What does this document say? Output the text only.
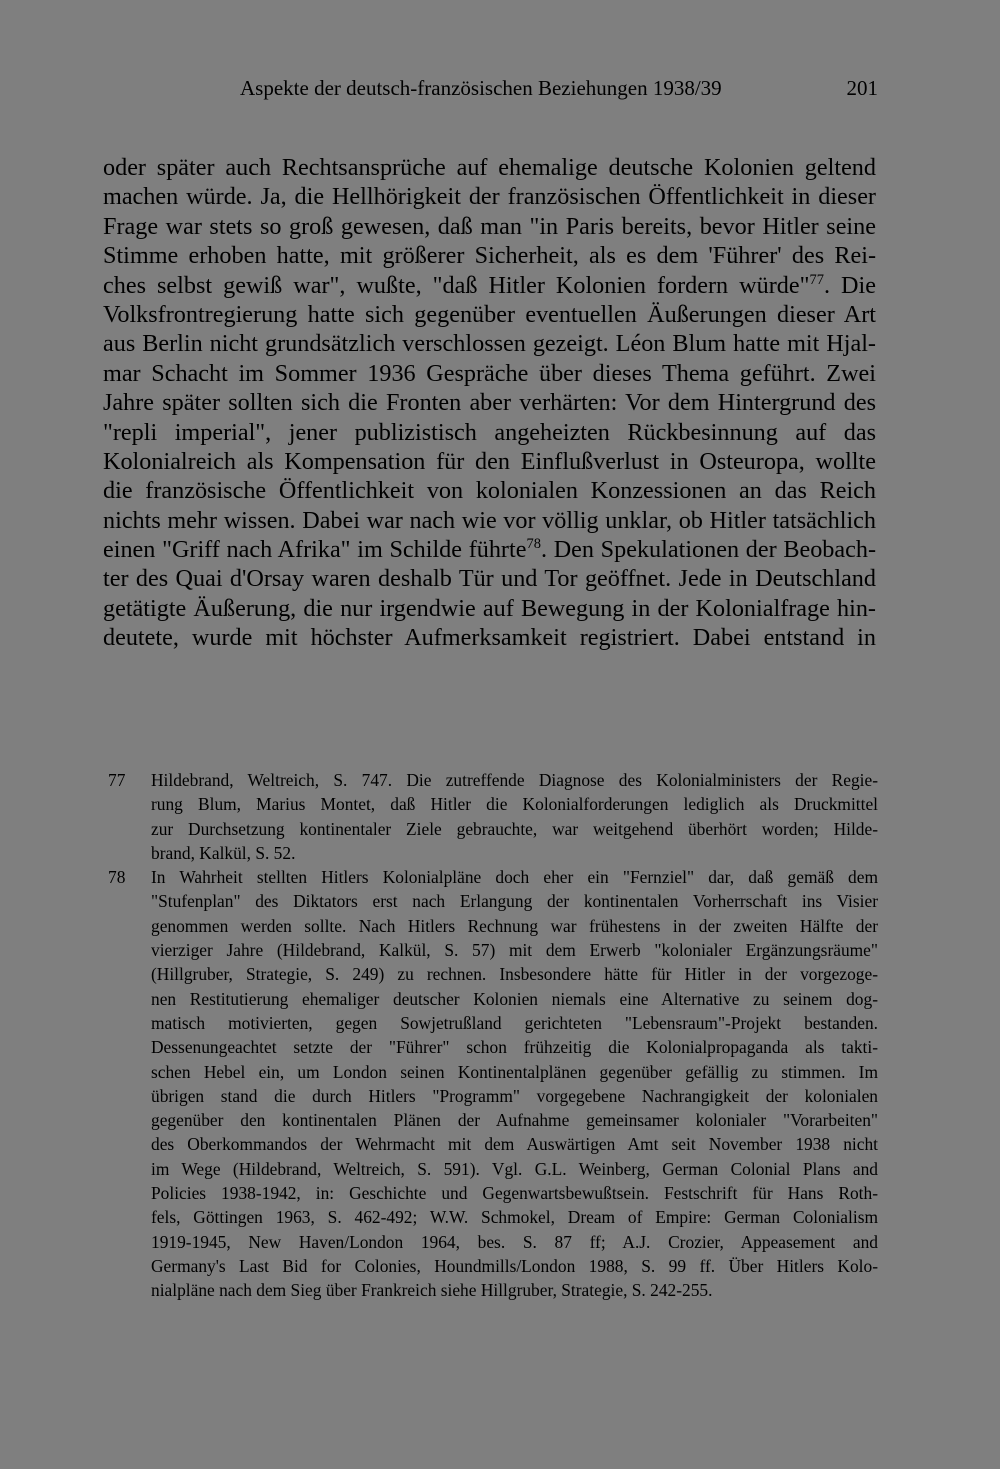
Aspekte der deutsch-französischen Beziehungen 1938/39	201
oder später auch Rechtsansprüche auf ehemalige deutsche Kolonien geltend
machen würde. Ja, die Hellhörigkeit der französischen Öffentlichkeit in dieser
Frage war stets so groß gewesen, daß man "in Paris bereits, bevor Hitler seine
Stimme erhoben hatte, mit größerer Sicherheit, als es dem 'Führer' des Rei-
ches selbst gewiß war", wußte, "daß Hitler Kolonien fordern würde"$^{77}$. Die
Volksfrontregierung hatte sich gegenüber eventuellen Äußerungen dieser Art
aus Berlin nicht grundsätzlich verschlossen gezeigt. Léon Blum hatte mit Hjal-
mar Schacht im Sommer 1936 Gespräche über dieses Thema geführt. Zwei
Jahre später sollten sich die Fronten aber verhärten: Vor dem Hintergrund des
"repli imperial", jener publizistisch angeheizten Rückbesinnung auf das
Kolonialreich als Kompensation für den Einflußverlust in Osteuropa, wollte
die französische Öffentlichkeit von kolonialen Konzessionen an das Reich
nichts mehr wissen. Dabei war nach wie vor völlig unklar, ob Hitler tatsächlich
einen "Griff nach Afrika" im Schilde führte$^{78}$. Den Spekulationen der Beobach-
ter des Quai d'Orsay waren deshalb Tür und Tor geöffnet. Jede in Deutschland
getätigte Äußerung, die nur irgendwie auf Bewegung in der Kolonialfrage hin-
deutete, wurde mit höchster Aufmerksamkeit registriert. Dabei entstand in
77 Hildebrand, Weltreich, S. 747. Die zutreffende Diagnose des Kolonialministers der Regie-
rung Blum, Marius Montet, daß Hitler die Kolonialforderungen lediglich als Druckmittel
zur Durchsetzung kontinentaler Ziele gebrauchte, war weitgehend überhört worden; Hilde-
brand, Kalkül, S. 52.
78 In Wahrheit stellten Hitlers Kolonialpläne doch eher ein "Fernziel" dar, daß gemäß dem
"Stufenplan" des Diktators erst nach Erlangung der kontinentalen Vorherrschaft ins Visier
genommen werden sollte. Nach Hitlers Rechnung war frühestens in der zweiten Hälfte der
vierziger Jahre (Hildebrand, Kalkül, S. 57) mit dem Erwerb "kolonialer Ergänzungsräume"
(Hillgruber, Strategie, S. 249) zu rechnen. Insbesondere hätte für Hitler in der vorgezoge-
nen Restitutierung ehemaliger deutscher Kolonien niemals eine Alternative zu seinem dog-
matisch motivierten, gegen Sowjetrußland gerichteten "Lebensraum"-Projekt bestanden.
Dessenungeachtet setzte der "Führer" schon frühzeitig die Kolonialpropaganda als takti-
schen Hebel ein, um London seinen Kontinentalplänen gegenüber gefällig zu stimmen. Im
übrigen stand die durch Hitlers "Programm" vorgegebene Nachrangigkeit der kolonialen
gegenüber den kontinentalen Plänen der Aufnahme gemeinsamer kolonialer "Vorarbeiten"
des Oberkommandos der Wehrmacht mit dem Auswärtigen Amt seit November 1938 nicht
im Wege (Hildebrand, Weltreich, S. 591). Vgl. G.L. Weinberg, German Colonial Plans and
Policies 1938-1942, in: Geschichte und Gegenwartsbewußtsein. Festschrift für Hans Roth-
fels, Göttingen 1963, S. 462-492; W.W. Schmokel, Dream of Empire: German Colonialism
1919-1945, New Haven/London 1964, bes. S. 87 ff; A.J. Crozier, Appeasement and
Germany's Last Bid for Colonies, Houndmills/London 1988, S. 99 ff. Über Hitlers Kolo-
nialpläne nach dem Sieg über Frankreich siehe Hillgruber, Strategie, S. 242-255.
